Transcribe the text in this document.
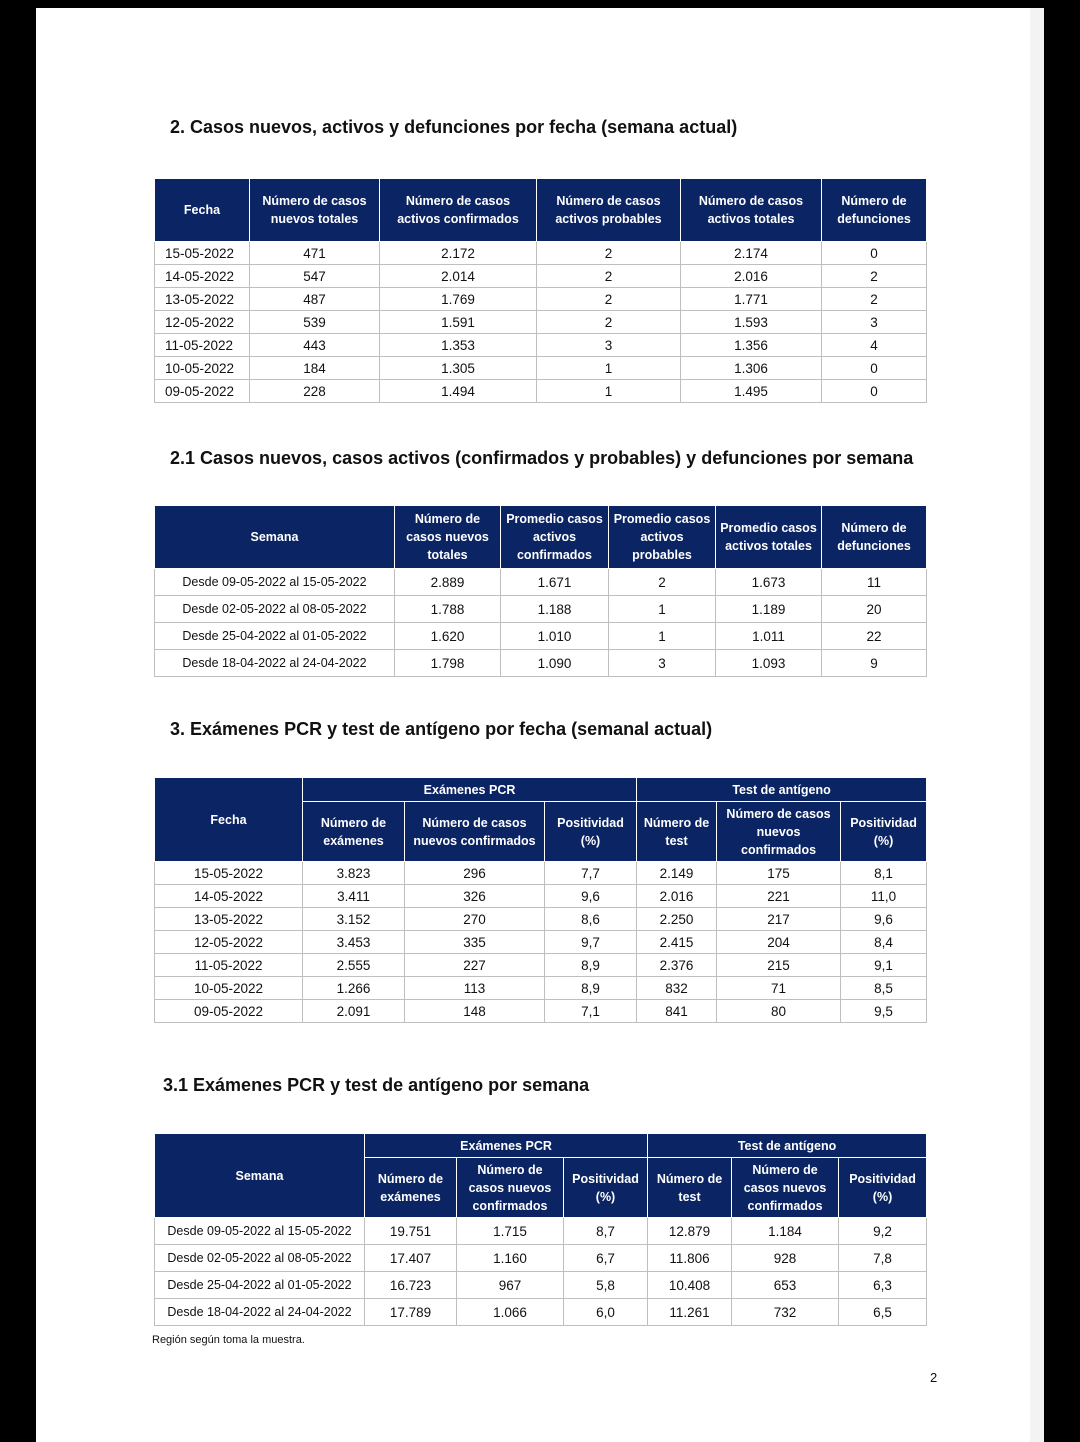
2. Casos nuevos, activos y defunciones por fecha (semana actual)
Fecha	Número de casos nuevos totales	Número de casos activos confirmados	Número de casos activos probables	Número de casos activos totales	Número de defunciones
15-05-2022	471	2.172	2	2.174	0
14-05-2022	547	2.014	2	2.016	2
13-05-2022	487	1.769	2	1.771	2
12-05-2022	539	1.591	2	1.593	3
11-05-2022	443	1.353	3	1.356	4
10-05-2022	184	1.305	1	1.306	0
09-05-2022	228	1.494	1	1.495	0
2.1 Casos nuevos, casos activos (confirmados y probables) y defunciones por semana
Semana	Número de casos nuevos totales	Promedio casos activos confirmados	Promedio casos activos probables	Promedio casos activos totales	Número de defunciones
Desde 09-05-2022 al 15-05-2022	2.889	1.671	2	1.673	11
Desde 02-05-2022 al 08-05-2022	1.788	1.188	1	1.189	20
Desde 25-04-2022 al 01-05-2022	1.620	1.010	1	1.011	22
Desde 18-04-2022 al 24-04-2022	1.798	1.090	3	1.093	9
3. Exámenes PCR y test de antígeno por fecha (semanal actual)
Fecha	Exámenes PCR			Test de antígeno		
	Número de exámenes	Número de casos nuevos confirmados	Positividad (%)	Número de test	Número de casos nuevos confirmados	Positividad (%)
15-05-2022	3.823	296	7,7	2.149	175	8,1
14-05-2022	3.411	326	9,6	2.016	221	11,0
13-05-2022	3.152	270	8,6	2.250	217	9,6
12-05-2022	3.453	335	9,7	2.415	204	8,4
11-05-2022	2.555	227	8,9	2.376	215	9,1
10-05-2022	1.266	113	8,9	832	71	8,5
09-05-2022	2.091	148	7,1	841	80	9,5
3.1 Exámenes PCR y test de antígeno por semana
Semana	Exámenes PCR			Test de antígeno		
	Número de exámenes	Número de casos nuevos confirmados	Positividad (%)	Número de test	Número de casos nuevos confirmados	Positividad (%)
Desde 09-05-2022 al 15-05-2022	19.751	1.715	8,7	12.879	1.184	9,2
Desde 02-05-2022 al 08-05-2022	17.407	1.160	6,7	11.806	928	7,8
Desde 25-04-2022 al 01-05-2022	16.723	967	5,8	10.408	653	6,3
Desde 18-04-2022 al 24-04-2022	17.789	1.066	6,0	11.261	732	6,5
Región según toma la muestra.
2
